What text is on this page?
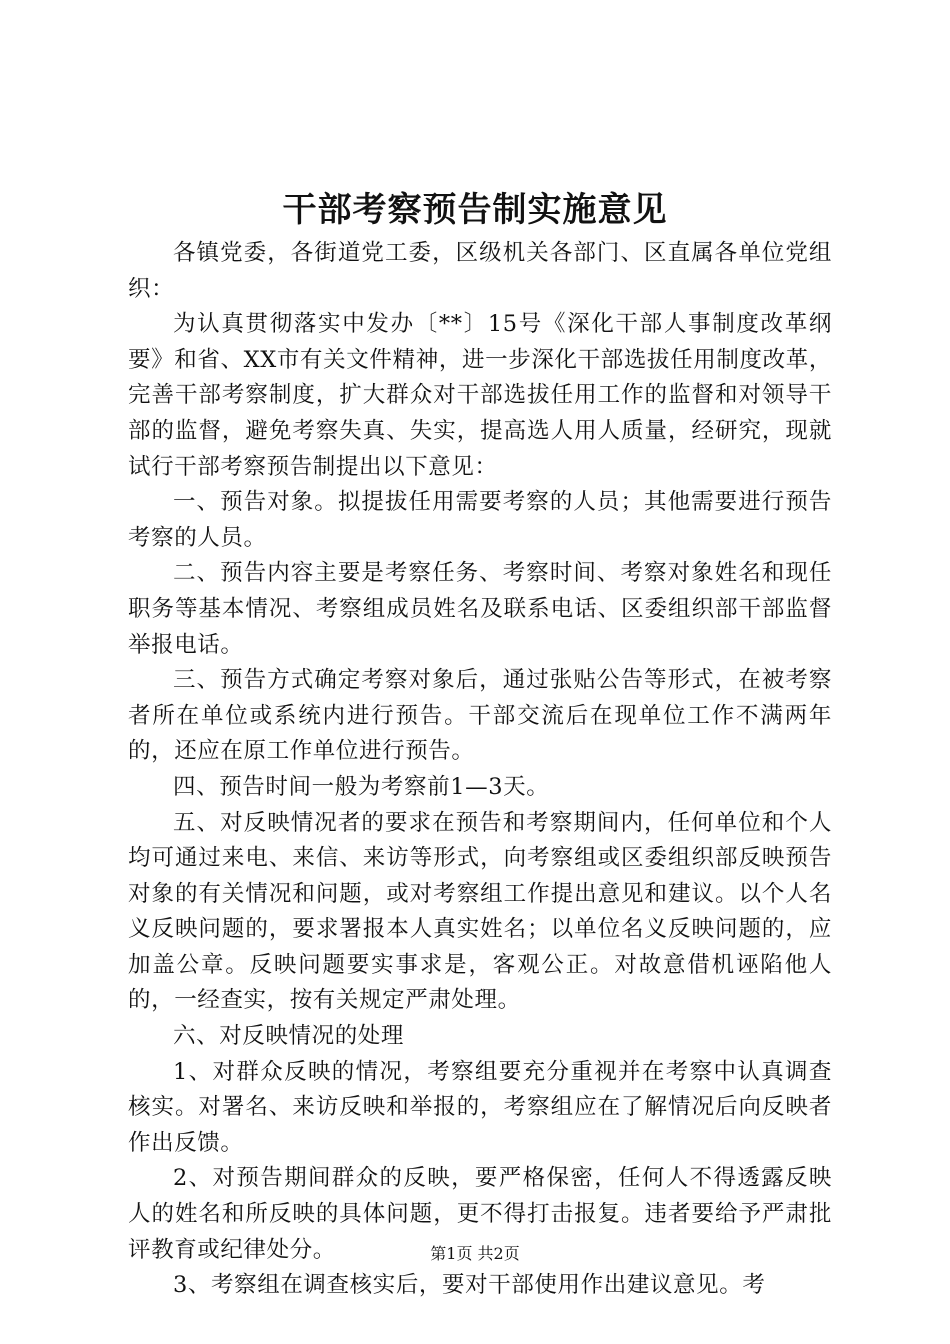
干部考察预告制实施意见

各镇党委，各街道党工委，区级机关各部门、区直属各单位党组织：

为认真贯彻落实中发办〔**〕15号《深化干部人事制度改革纲要》和省、XX市有关文件精神，进一步深化干部选拔任用制度改革，完善干部考察制度，扩大群众对干部选拔任用工作的监督和对领导干部的监督，避免考察失真、失实，提高选人用人质量，经研究，现就试行干部考察预告制提出以下意见：

一、预告对象。拟提拔任用需要考察的人员；其他需要进行预告考察的人员。

二、预告内容主要是考察任务、考察时间、考察对象姓名和现任职务等基本情况、考察组成员姓名及联系电话、区委组织部干部监督举报电话。

三、预告方式确定考察对象后，通过张贴公告等形式，在被考察者所在单位或系统内进行预告。干部交流后在现单位工作不满两年的，还应在原工作单位进行预告。

四、预告时间一般为考察前1—3天。

五、对反映情况者的要求在预告和考察期间内，任何单位和个人均可通过来电、来信、来访等形式，向考察组或区委组织部反映预告对象的有关情况和问题，或对考察组工作提出意见和建议。以个人名义反映问题的，要求署报本人真实姓名；以单位名义反映问题的，应加盖公章。反映问题要实事求是，客观公正。对故意借机诬陷他人的，一经查实，按有关规定严肃处理。

六、对反映情况的处理

1、对群众反映的情况，考察组要充分重视并在考察中认真调查核实。对署名、来访反映和举报的，考察组应在了解情况后向反映者作出反馈。

2、对预告期间群众的反映，要严格保密，任何人不得透露反映人的姓名和所反映的具体问题，更不得打击报复。违者要给予严肃批评教育或纪律处分。

3、考察组在调查核实后，要对干部使用作出建议意见。考

第1页 共2页
